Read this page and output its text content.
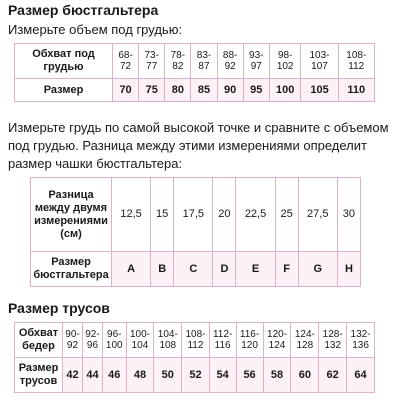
Размер бюстгальтера

Измерьте объем под грудью:

Обхват под грудью	68-72	73-77	78-82	83-87	88-92	93-97	98-102	103-107	108-112
Размер	70	75	80	85	90	95	100	105	110

Измерьте грудь по самой высокой точке и сравните с объемом под грудью. Разница между этими измерениями определит размер чашки бюстгальтера:

Разница между двумя измерениями (см)	12,5	15	17,5	20	22,5	25	27,5	30
Размер бюстгальтера	A	B	C	D	E	F	G	H
Размер трусов
Обхват бедер	90-92	92-96	96-100	100-104	104-108	108-112	112-116	116-120	120-124	124-128	128-132	132-136
Размер трусов	42	44	46	48	50	52	54	56	58	60	62	64
